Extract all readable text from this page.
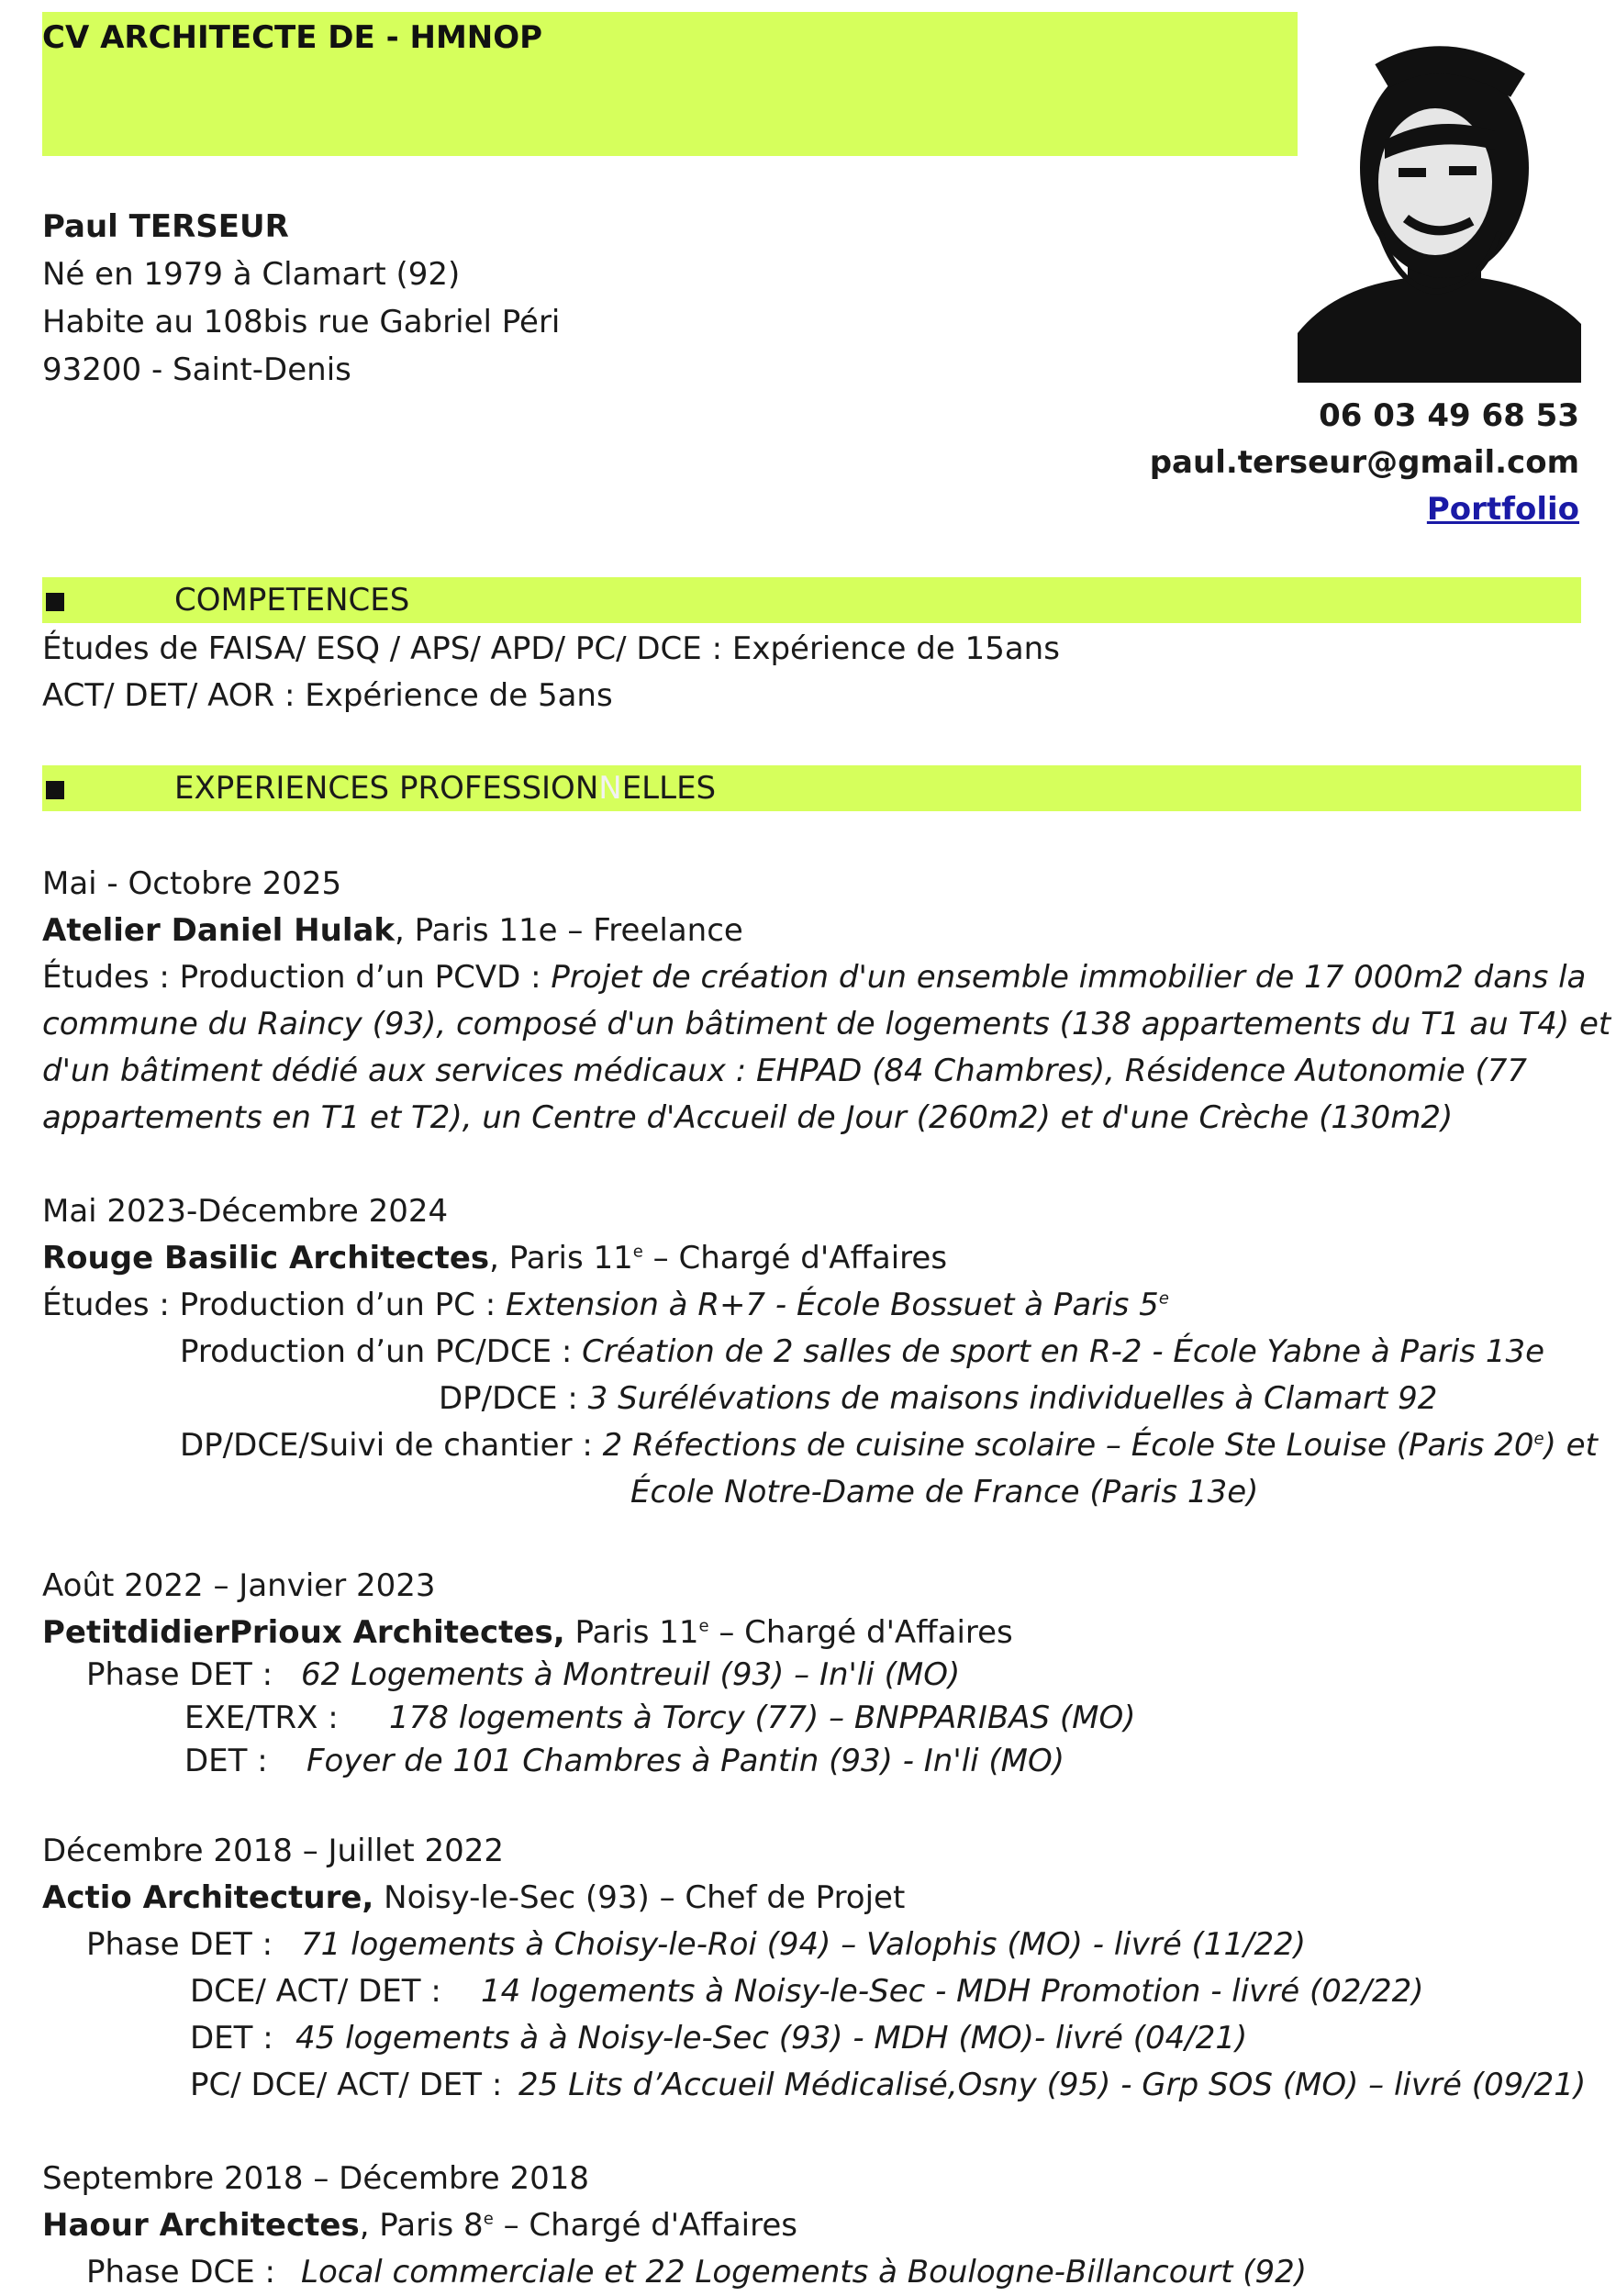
CV ARCHITECTE DE - HMNOP
Paul TERSEUR
Né en 1979 à Clamart (92)
Habite au 108bis rue Gabriel Péri
93200 - Saint-Denis
06 03 49 68 53
paul.terseur@gmail.com
Portfolio
COMPETENCES
Études de FAISA/ ESQ / APS/ APD/ PC/ DCE : Expérience de 15ans
ACT/ DET/ AOR : Expérience de 5ans
EXPERIENCES PROFESSIONNELLES
Mai - Octobre 2025
Atelier Daniel Hulak, Paris 11e – Freelance
Études : Production d’un PCVD : Projet de création d'un ensemble immobilier de 17 000m2 dans la
commune du Raincy (93), composé d'un bâtiment de logements (138 appartements du T1 au T4) et
d'un bâtiment dédié aux services médicaux : EHPAD (84 Chambres), Résidence Autonomie (77
appartements en T1 et T2), un Centre d'Accueil de Jour (260m2) et d'une Crèche (130m2)
Mai 2023-Décembre 2024
Rouge Basilic Architectes, Paris 11e – Chargé d'Affaires
Études : Production d’un PC : Extension à R+7 - École Bossuet à Paris 5e
Production d’un PC/DCE : Création de 2 salles de sport en R-2 - École Yabne à Paris 13e
DP/DCE : 3 Surélévations de maisons individuelles à Clamart 92
DP/DCE/Suivi de chantier : 2 Réfections de cuisine scolaire – École Ste Louise (Paris 20e) et
École Notre-Dame de France (Paris 13e)
Août 2022 – Janvier 2023
PetitdidierPrioux Architectes, Paris 11e – Chargé d'Affaires
Phase DET : 62 Logements à Montreuil (93) – In'li (MO)
EXE/TRX : 178 logements à Torcy (77) – BNPPARIBAS (MO)
DET : Foyer de 101 Chambres à Pantin (93) - In'li (MO)
Décembre 2018 – Juillet 2022
Actio Architecture, Noisy-le-Sec (93) – Chef de Projet
Phase DET : 71 logements à Choisy-le-Roi (94) – Valophis (MO) - livré (11/22)
DCE/ ACT/ DET : 14 logements à Noisy-le-Sec - MDH Promotion - livré (02/22)
DET : 45 logements à à Noisy-le-Sec (93) - MDH (MO)- livré (04/21)
PC/ DCE/ ACT/ DET : 25 Lits d’Accueil Médicalisé,Osny (95) - Grp SOS (MO) – livré (09/21)
Septembre 2018 – Décembre 2018
Haour Architectes, Paris 8e – Chargé d'Affaires
Phase DCE : Local commerciale et 22 Logements à Boulogne-Billancourt (92)
